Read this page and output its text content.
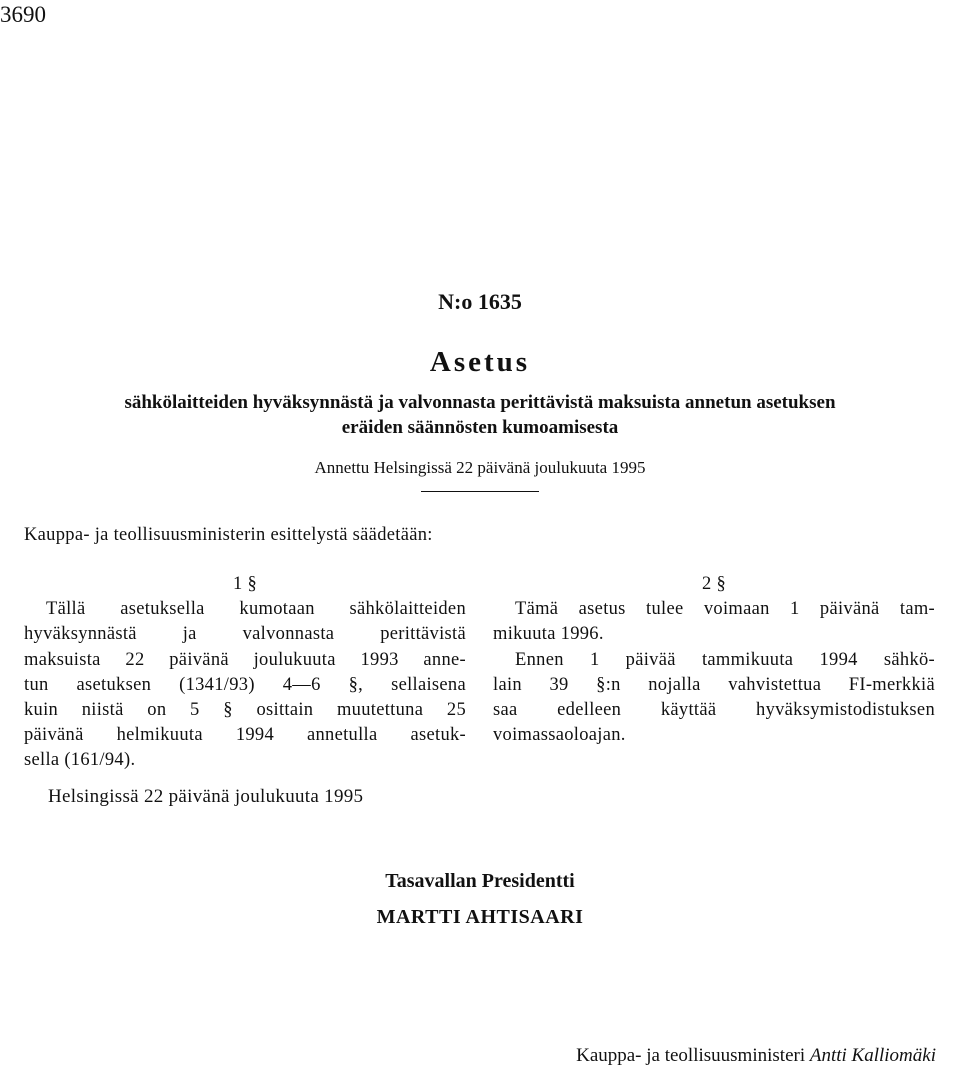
3690
N:o 1635
Asetus
sähkölaitteiden hyväksynnästä ja valvonnasta perittävistä maksuista annetun asetuksen
eräiden säännösten kumoamisesta
Annettu Helsingissä 22 päivänä joulukuuta 1995
Kauppa- ja teollisuusministerin esittelystä säädetään:
1 §
Tällä asetuksella kumotaan sähkölaitteiden
hyväksynnästä ja valvonnasta perittävistä
maksuista 22 päivänä joulukuuta 1993 anne-
tun asetuksen (1341/93) 4—6 §, sellaisena
kuin niistä on 5 § osittain muutettuna 25
päivänä helmikuuta 1994 annetulla asetuk-
sella (161/94).
2 §
Tämä asetus tulee voimaan 1 päivänä tam-
mikuuta 1996.
Ennen 1 päivää tammikuuta 1994 sähkö-
lain 39 §:n nojalla vahvistettua FI-merkkiä
saa edelleen käyttää hyväksymistodistuksen
voimassaoloajan.
Helsingissä 22 päivänä joulukuuta 1995
Tasavallan Presidentti
MARTTI AHTISAARI
Kauppa- ja teollisuusministeri Antti Kalliomäki
